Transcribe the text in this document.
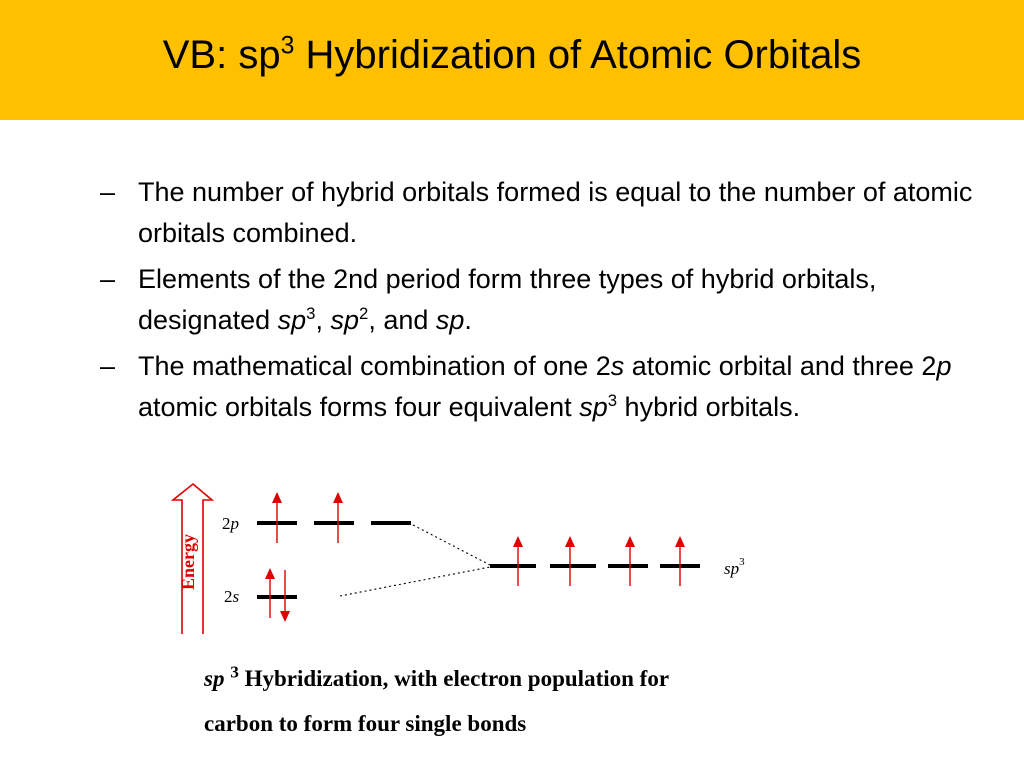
VB: $sp^3$ Hybridization of Atomic Orbitals
– The number of hybrid orbitals formed is equal to the number of atomic orbitals combined.
– Elements of the 2nd period form three types of hybrid orbitals, designated $sp^3$, $sp^2$, and sp.
– The mathematical combination of one 2s atomic orbital and three 2p atomic orbitals forms four equivalent $sp^3$ hybrid orbitals.
Energy
2p
2s
$sp^3$
sp $^3$ Hybridization, with electron population for
carbon to form four single bonds
